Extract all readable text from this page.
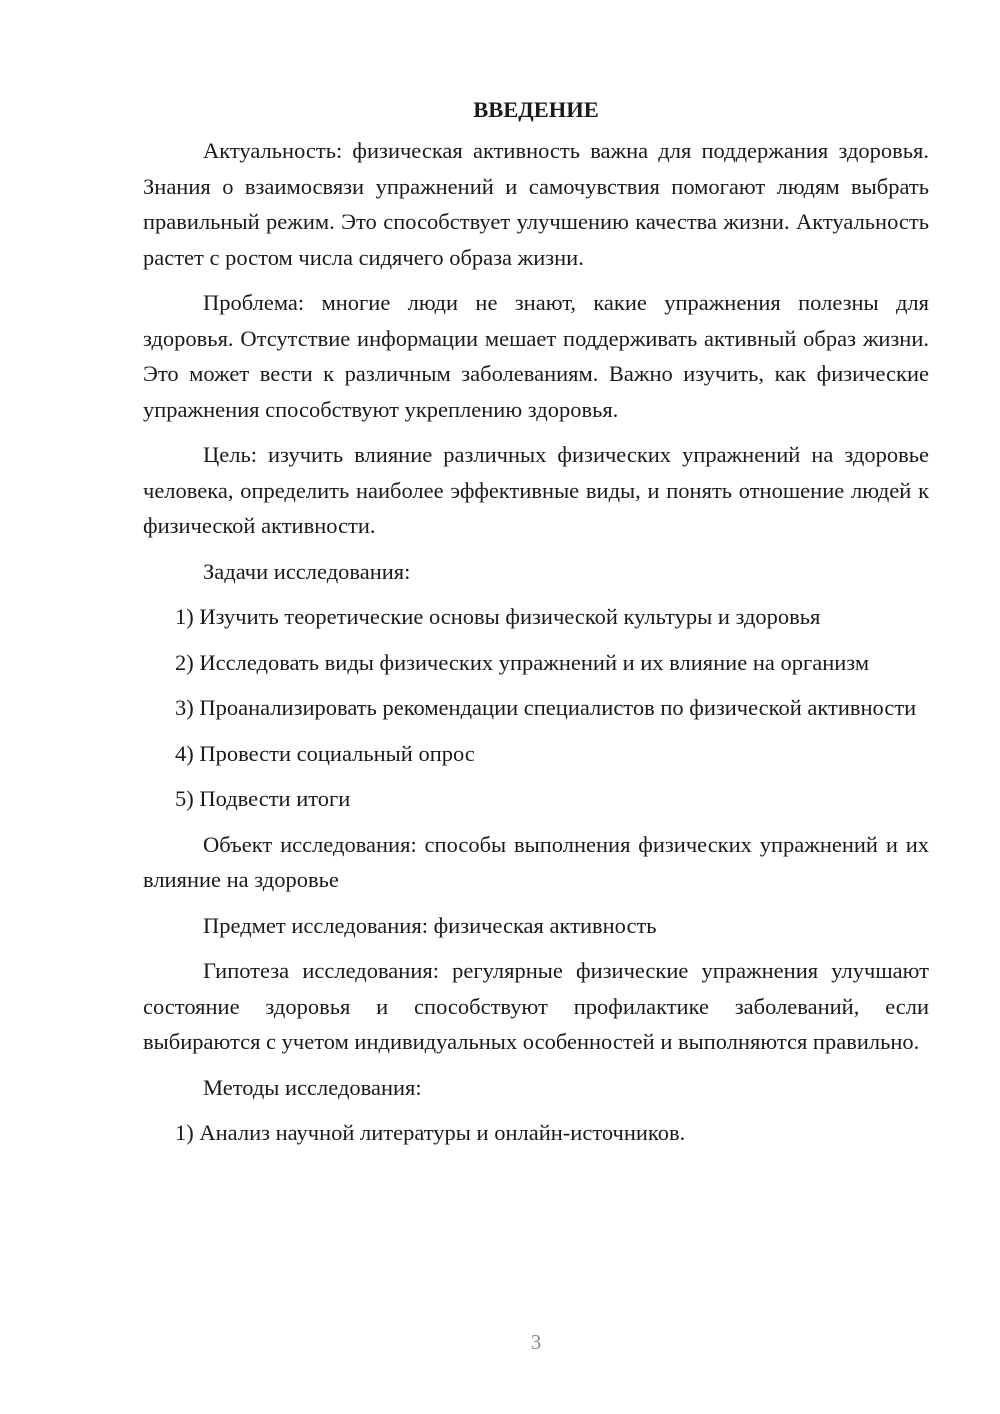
ВВЕДЕНИЕ

Актуальность: физическая активность важна для поддержания здоровья. Знания о взаимосвязи упражнений и самочувствия помогают людям выбрать правильный режим. Это способствует улучшению качества жизни. Актуальность растет с ростом числа сидячего образа жизни.

Проблема: многие люди не знают, какие упражнения полезны для здоровья. Отсутствие информации мешает поддерживать активный образ жизни. Это может вести к различным заболеваниям. Важно изучить, как физические упражнения способствуют укреплению здоровья.

Цель: изучить влияние различных физических упражнений на здоровье человека, определить наиболее эффективные виды, и понять отношение людей к физической активности.

Задачи исследования:

1) Изучить теоретические основы физической культуры и здоровья

2) Исследовать виды физических упражнений и их влияние на организм

3) Проанализировать рекомендации специалистов по физической активности

4) Провести социальный опрос

5) Подвести итоги

Объект исследования: способы выполнения физических упражнений и их влияние на здоровье

Предмет исследования: физическая активность

Гипотеза исследования: регулярные физические упражнения улучшают состояние здоровья и способствуют профилактике заболеваний, если выбираются с учетом индивидуальных особенностей и выполняются правильно.

Методы исследования:

1) Анализ научной литературы и онлайн-источников.

3
